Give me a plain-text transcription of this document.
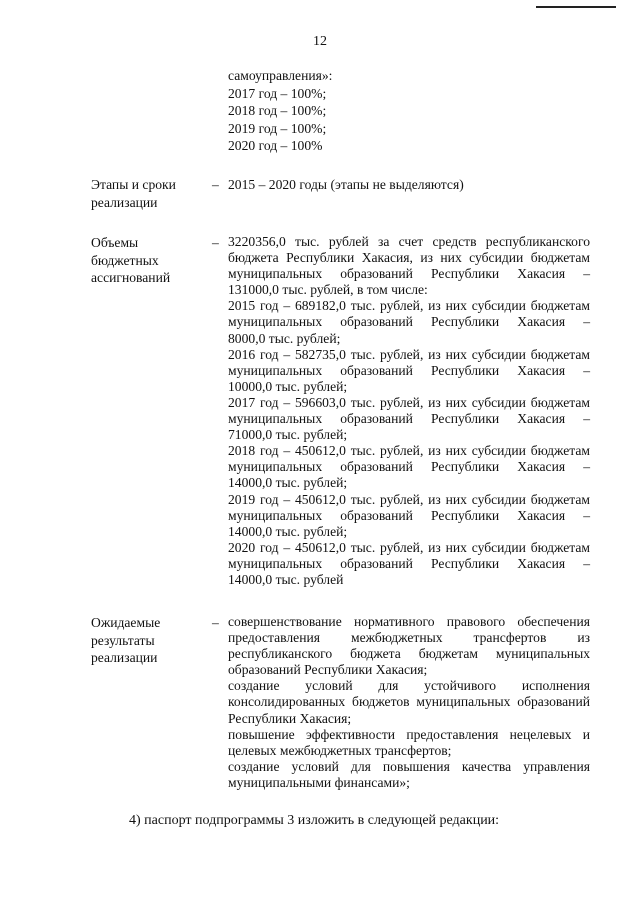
12
самоуправления»:
2017 год – 100%;
2018 год – 100%;
2019 год – 100%;
2020 год – 100%
Этапы и сроки
реализации
– 2015 – 2020 годы (этапы не выделяются)

Объемы
бюджетных
ассигнований
– 3220356,0 тыс. рублей за счет средств республиканского

бюджета Республики Хакасия, из них субсидии бюджетам

муниципальных образований Республики Хакасия –

131000,0 тыс. рублей, в том числе:

2015 год – 689182,0 тыс. рублей, из них субсидии бюджетам

муниципальных образований Республики Хакасия –

8000,0 тыс. рублей;

2016 год – 582735,0 тыс. рублей, из них субсидии бюджетам

муниципальных образований Республики Хакасия –

10000,0 тыс. рублей;

2017 год – 596603,0 тыс. рублей, из них субсидии бюджетам

муниципальных образований Республики Хакасия –

71000,0 тыс. рублей;

2018 год – 450612,0 тыс. рублей, из них субсидии бюджетам

муниципальных образований Республики Хакасия –

14000,0 тыс. рублей;

2019 год – 450612,0 тыс. рублей, из них субсидии бюджетам

муниципальных образований Республики Хакасия –

14000,0 тыс. рублей;

2020 год – 450612,0 тыс. рублей, из них субсидии бюджетам

муниципальных образований Республики Хакасия –

14000,0 тыс. рублей

Ожидаемые
результаты
реализации
– совершенствование нормативного правового обеспечения

предоставления межбюджетных трансфертов из

республиканского бюджета бюджетам муниципальных

образований Республики Хакасия;

создание условий для устойчивого исполнения

консолидированных бюджетов муниципальных образований

Республики Хакасия;

повышение эффективности предоставления нецелевых и

целевых межбюджетных трансфертов;

создание условий для повышения качества управления

муниципальными финансами»;

4) паспорт подпрограммы 3 изложить в следующей редакции:
